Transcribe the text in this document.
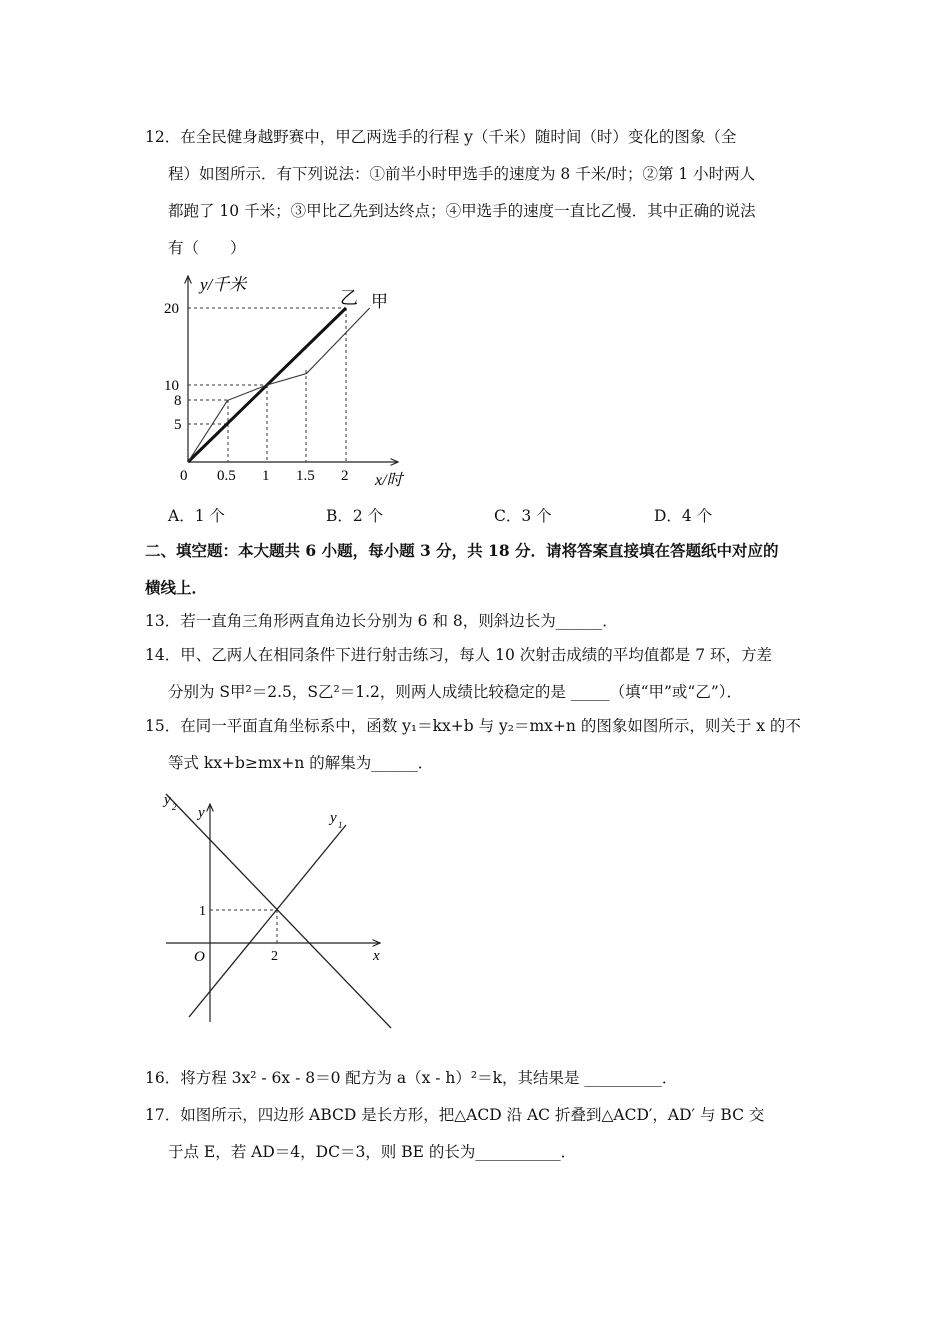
12．在全民健身越野赛中，甲乙两选手的行程 y（千米）随时间（时）变化的图象（全
程）如图所示．有下列说法：①前半小时甲选手的速度为 8 千米/时；②第 1 小时两人
都跑了 10 千米；③甲比乙先到达终点；④甲选手的速度一直比乙慢．其中正确的说法
有（　　）
y/千米
x/时
20
10
8
5
0 0.5 1 1.5 2
乙 甲
A．1 个	B．2 个	C．3 个	D．4 个
二、填空题：本大题共 6 小题，每小题 3 分，共 18 分．请将答案直接填在答题纸中对应的
横线上．
13．若一直角三角形两直角边长分别为 6 和 8，则斜边长为______．
14．甲、乙两人在相同条件下进行射击练习，每人 10 次射击成绩的平均值都是 7 环，方差
分别为 S甲²＝2.5，S乙²＝1.2，则两人成绩比较稳定的是 _____（填“甲”或“乙”）．
15．在同一平面直角坐标系中，函数 y₁＝kx+b 与 y₂＝mx+n 的图象如图所示，则关于 x 的不
等式 kx+b≥mx+n 的解集为______．
y 2 y	y 1
x
O	2
1
16．将方程 3x² - 6x - 8＝0 配方为 a（x - h）²＝k，其结果是 __________．
17．如图所示，四边形 ABCD 是长方形，把△ACD 沿 AC 折叠到△ACD′，AD′ 与 BC 交
于点 E，若 AD＝4，DC＝3，则 BE 的长为___________．
